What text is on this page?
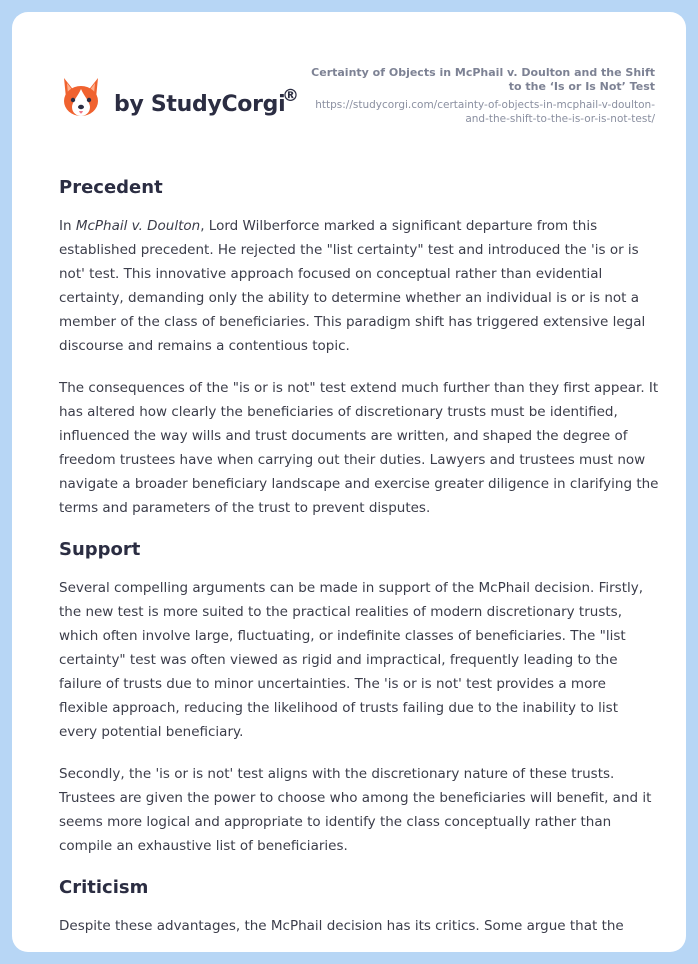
by StudyCorgi
®
Certainty of Objects in McPhail v. Doulton and the Shift to the ‘Is or Is Not’ Test
https://studycorgi.com/certainty-of-objects-in-mcphail-v-doulton-and-the-shift-to-the-is-or-is-not-test/
Precedent

In McPhail v. Doulton, Lord Wilberforce marked a significant departure from this established precedent. He rejected the "list certainty" test and introduced the 'is or is not' test. This innovative approach focused on conceptual rather than evidential certainty, demanding only the ability to determine whether an individual is or is not a member of the class of beneficiaries. This paradigm shift has triggered extensive legal discourse and remains a contentious topic.

The consequences of the "is or is not" test extend much further than they first appear. It has altered how clearly the beneficiaries of discretionary trusts must be identified, influenced the way wills and trust documents are written, and shaped the degree of freedom trustees have when carrying out their duties. Lawyers and trustees must now navigate a broader beneficiary landscape and exercise greater diligence in clarifying the terms and parameters of the trust to prevent disputes.

Support

Several compelling arguments can be made in support of the McPhail decision. Firstly, the new test is more suited to the practical realities of modern discretionary trusts, which often involve large, fluctuating, or indefinite classes of beneficiaries. The "list certainty" test was often viewed as rigid and impractical, frequently leading to the failure of trusts due to minor uncertainties. The 'is or is not' test provides a more flexible approach, reducing the likelihood of trusts failing due to the inability to list every potential beneficiary.

Secondly, the 'is or is not' test aligns with the discretionary nature of these trusts. Trustees are given the power to choose who among the beneficiaries will benefit, and it seems more logical and appropriate to identify the class conceptually rather than compile an exhaustive list of beneficiaries.

Criticism

Despite these advantages, the McPhail decision has its critics. Some argue that the
